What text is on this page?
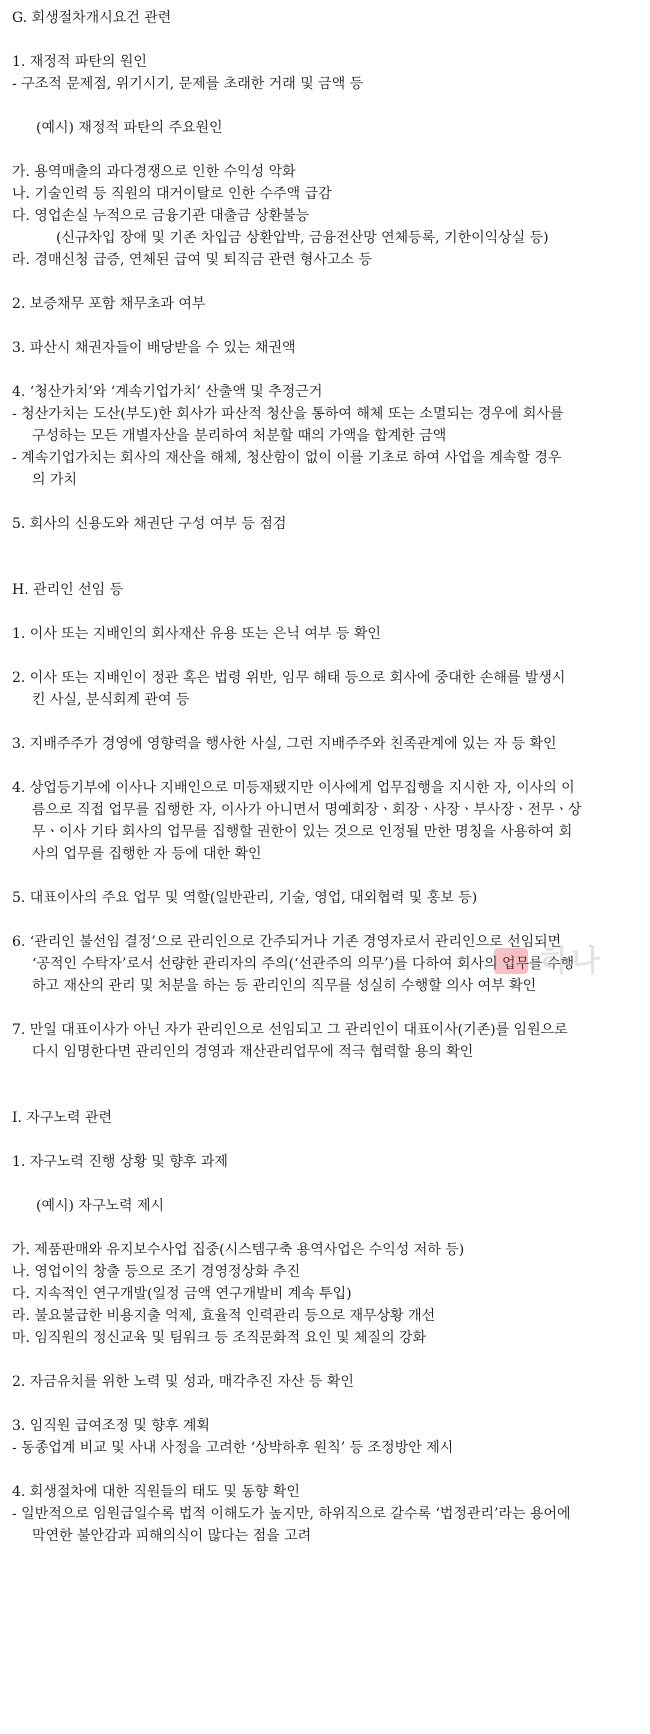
G. 회생절차개시요건 관련
1. 재정적 파탄의 원인
- 구조적 문제점, 위기시기, 문제를 초래한 거래 및 금액 등
(예시) 재정적 파탄의 주요원인
가. 용역매출의 과다경쟁으로 인한 수익성 악화
나. 기술인력 등 직원의 대거이탈로 인한 수주액 급감
다. 영업손실 누적으로 금융기관 대출금 상환불능
(신규차입 장애 및 기존 차입금 상환압박, 금융전산망 연체등록, 기한이익상실 등)
라. 경매신청 급증, 연체된 급여 및 퇴직금 관련 형사고소 등
2. 보증채무 포함 채무초과 여부
3. 파산시 채권자들이 배당받을 수 있는 채권액
4. ‘청산가치’와 ‘계속기업가치’ 산출액 및 추정근거
- 청산가치는 도산(부도)한 회사가 파산적 청산을 통하여 해체 또는 소멸되는 경우에 회사를
구성하는 모든 개별자산을 분리하여 처분할 때의 가액을 합계한 금액
- 계속기업가치는 회사의 재산을 해체, 청산함이 없이 이를 기초로 하여 사업을 계속할 경우
의 가치
5. 회사의 신용도와 채권단 구성 여부 등 점검
H. 관리인 선임 등
1. 이사 또는 지배인의 회사재산 유용 또는 은닉 여부 등 확인
2. 이사 또는 지배인이 정관 혹은 법령 위반, 임무 해태 등으로 회사에 중대한 손해를 발생시
킨 사실, 분식회계 관여 등
3. 지배주주가 경영에 영향력을 행사한 사실, 그런 지배주주와 친족관계에 있는 자 등 확인
4. 상업등기부에 이사나 지배인으로 미등재됐지만 이사에게 업무집행을 지시한 자, 이사의 이
름으로 직접 업무를 집행한 자, 이사가 아니면서 명예회장ㆍ회장ㆍ사장ㆍ부사장ㆍ전무ㆍ상
무ㆍ이사 기타 회사의 업무를 집행할 권한이 있는 것으로 인정될 만한 명칭을 사용하여 회
사의 업무를 집행한 자 등에 대한 확인
5. 대표이사의 주요 업무 및 역할(일반관리, 기술, 영업, 대외협력 및 홍보 등)
6. ‘관리인 불선임 결정’으로 관리인으로 간주되거나 기존 경영자로서 관리인으로 선임되면
‘공적인 수탁자’로서 선량한 관리자의 주의(‘선관주의 의무’)를 다하여 회사의 업무를 수행
하고 재산의 관리 및 처분을 하는 등 관리인의 직무를 성실히 수행할 의사 여부 확인
7. 만일 대표이사가 아닌 자가 관리인으로 선임되고 그 관리인이 대표이사(기존)를 임원으로
다시 임명한다면 관리인의 경영과 재산관리업무에 적극 협력할 용의 확인
I. 자구노력 관련
1. 자구노력 진행 상황 및 향후 과제
(예시) 자구노력 제시
가. 제품판매와 유지보수사업 집중(시스템구축 용역사업은 수익성 저하 등)
나. 영업이익 창출 등으로 조기 경영정상화 추진
다. 지속적인 연구개발(일정 금액 연구개발비 계속 투입)
라. 불요불급한 비용지출 억제, 효율적 인력관리 등으로 재무상황 개선
마. 임직원의 정신교육 및 팀워크 등 조직문화적 요인 및 체질의 강화
2. 자금유치를 위한 노력 및 성과, 매각추진 자산 등 확인
3. 임직원 급여조정 및 향후 계획
- 동종업계 비교 및 사내 사정을 고려한 ‘상박하후 원칙’ 등 조정방안 제시
4. 회생절차에 대한 직원들의 태도 및 동향 확인
- 일반적으로 임원급일수록 법적 이해도가 높지만, 하위직으로 갈수록 ‘법정관리’라는 용어에
막연한 불안감과 피해의식이 많다는 점을 고려
하나
